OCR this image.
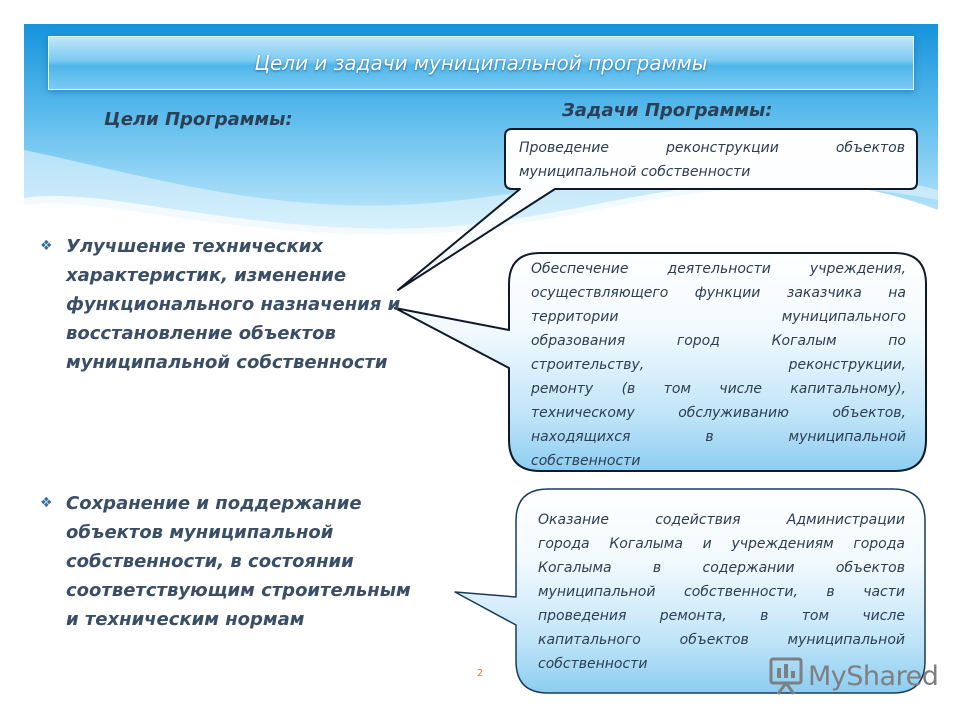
Цели и задачи муниципальной программы
Цели Программы:	Задачи Программы:
❖ Улучшение технических
характеристик, изменение
функционального назначения и
восстановление объектов
муниципальной собственности
❖ Сохранение и поддержание
объектов муниципальной
собственности, в состоянии
соответствующим строительным
и техническим нормам
Проведение реконструкции объектов
муниципальной собственности
Обеспечение деятельности учреждения,
осуществляющего функции заказчика на
территории муниципального
образования город Когалым по
строительству, реконструкции,
ремонту (в том числе капитальному),
техническому обслуживанию объектов,
находящихся в муниципальной
собственности
Оказание содействия Администрации
города Когалыма и учреждениям города
Когалыма в содержании объектов
муниципальной собственности, в части
проведения ремонта, в том числе
капитального объектов муниципальной
собственности
2	MyShared
